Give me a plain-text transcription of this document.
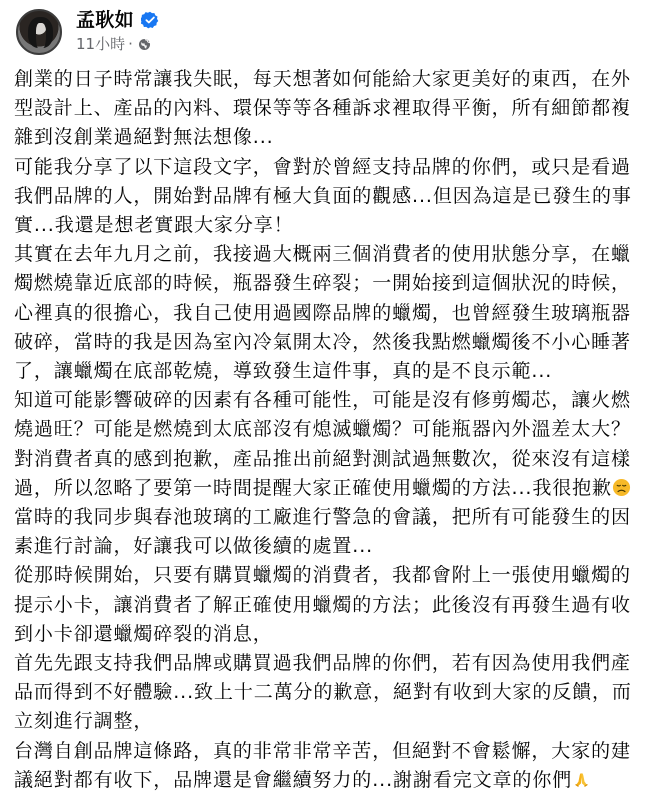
孟耿如
11小時 ·

創業的日子時常讓我失眠，每天想著如何能給大家更美好的東西，在外
型設計上、產品的內料、環保等等各種訴求裡取得平衡，所有細節都複
雜到沒創業過絕對無法想像...

可能我分享了以下這段文字，會對於曾經支持品牌的你們，或只是看過
我們品牌的人，開始對品牌有極大負面的觀感...但因為這是已發生的事
實...我還是想老實跟大家分享！

其實在去年九月之前，我接過大概兩三個消費者的使用狀態分享，在蠟
燭燃燒靠近底部的時候，瓶器發生碎裂；一開始接到這個狀況的時候，
心裡真的很擔心，我自己使用過國際品牌的蠟燭，也曾經發生玻璃瓶器
破碎，當時的我是因為室內冷氣開太冷，然後我點燃蠟燭後不小心睡著
了，讓蠟燭在底部乾燒，導致發生這件事，真的是不良示範...

知道可能影響破碎的因素有各種可能性，可能是沒有修剪燭芯，讓火燃
燒過旺？可能是燃燒到太底部沒有熄滅蠟燭？可能瓶器內外溫差太大？
對消費者真的感到抱歉，產品推出前絕對測試過無數次，從來沒有這樣
過，所以忽略了要第一時間提醒大家正確使用蠟燭的方法...我很抱歉

當時的我同步與春池玻璃的工廠進行警急的會議，把所有可能發生的因
素進行討論，好讓我可以做後續的處置...

從那時候開始，只要有購買蠟燭的消費者，我都會附上一張使用蠟燭的
提示小卡，讓消費者了解正確使用蠟燭的方法；此後沒有再發生過有收
到小卡卻還蠟燭碎裂的消息，

首先先跟支持我們品牌或購買過我們品牌的你們，若有因為使用我們產
品而得到不好體驗...致上十二萬分的歉意，絕對有收到大家的反饋，而
立刻進行調整，

台灣自創品牌這條路，真的非常非常辛苦，但絕對不會鬆懈，大家的建
議絕對都有收下，品牌還是會繼續努力的...謝謝看完文章的你們
